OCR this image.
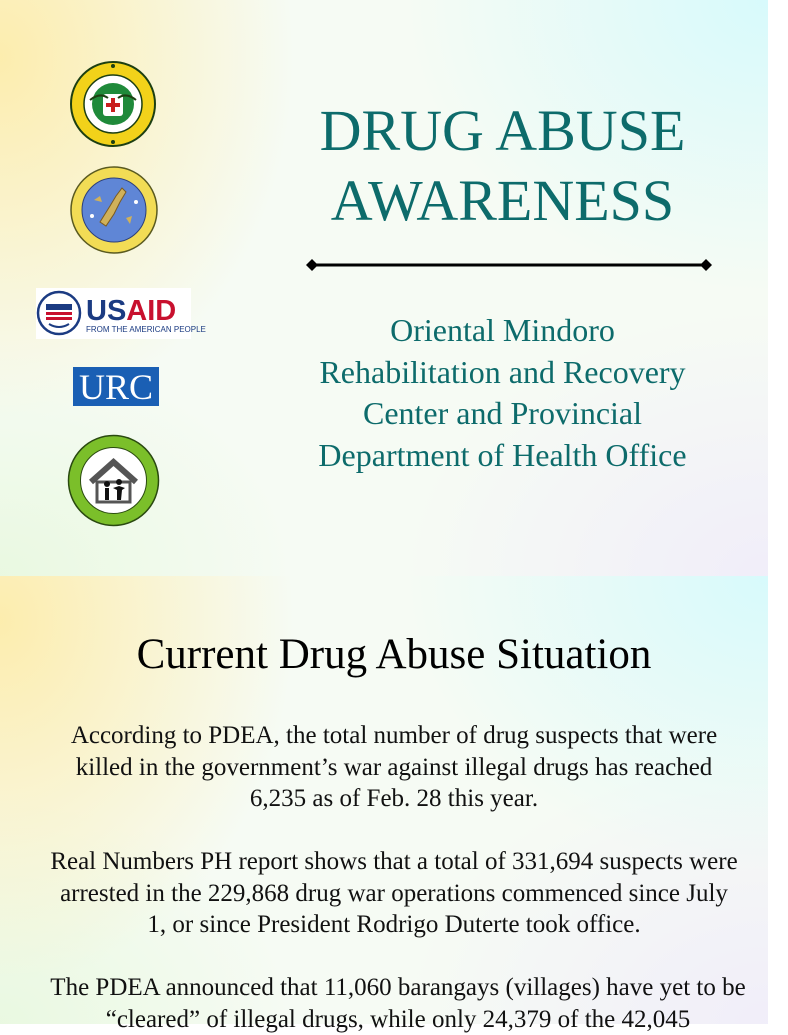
USAID
FROM THE AMERICAN PEOPLE
URC
DRUG ABUSE
AWARENESS
Oriental Mindoro Rehabilitation and Recovery Center and Provincial Department of Health Office
Current Drug Abuse Situation
According to PDEA, the total number of drug suspects that were killed in the government’s war against illegal drugs has reached 6,235 as of Feb. 28 this year.
Real Numbers PH report shows that a total of 331,694 suspects were arrested in the 229,868 drug war operations commenced since July 1, or since President Rodrigo Duterte took office.
The PDEA announced that 11,060 barangays (villages) have yet to be “cleared” of illegal drugs, while only 24,379 of the 42,045
